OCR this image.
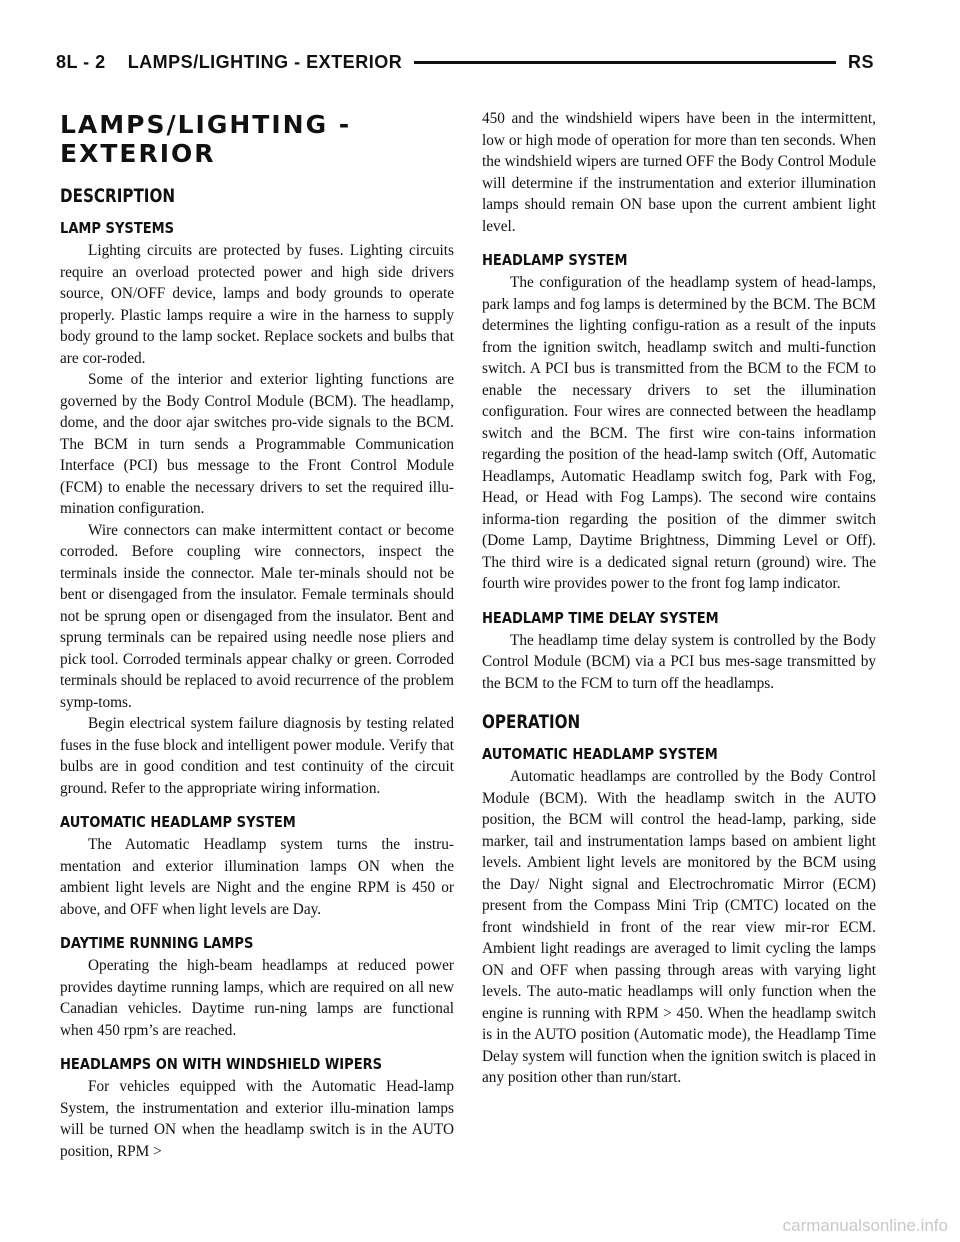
8L - 2 LAMPS/LIGHTING - EXTERIOR	RS
LAMPS/LIGHTING - EXTERIOR
DESCRIPTION
LAMP SYSTEMS

Lighting circuits are protected by fuses. Lighting circuits require an overload protected power and high side drivers source, ON/OFF device, lamps and body grounds to operate properly. Plastic lamps require a wire in the harness to supply body ground to the lamp socket. Replace sockets and bulbs that are cor-roded.

Some of the interior and exterior lighting functions are governed by the Body Control Module (BCM). The headlamp, dome, and the door ajar switches pro-vide signals to the BCM. The BCM in turn sends a Programmable Communication Interface (PCI) bus message to the Front Control Module (FCM) to enable the necessary drivers to set the required illu-mination configuration.

Wire connectors can make intermittent contact or become corroded. Before coupling wire connectors, inspect the terminals inside the connector. Male ter-minals should not be bent or disengaged from the insulator. Female terminals should not be sprung open or disengaged from the insulator. Bent and sprung terminals can be repaired using needle nose pliers and pick tool. Corroded terminals appear chalky or green. Corroded terminals should be replaced to avoid recurrence of the problem symp-toms.

Begin electrical system failure diagnosis by testing related fuses in the fuse block and intelligent power module. Verify that bulbs are in good condition and test continuity of the circuit ground. Refer to the appropriate wiring information.

AUTOMATIC HEADLAMP SYSTEM

The Automatic Headlamp system turns the instru-mentation and exterior illumination lamps ON when the ambient light levels are Night and the engine RPM is 450 or above, and OFF when light levels are Day.

DAYTIME RUNNING LAMPS

Operating the high-beam headlamps at reduced power provides daytime running lamps, which are required on all new Canadian vehicles. Daytime run-ning lamps are functional when 450 rpm’s are reached.

HEADLAMPS ON WITH WINDSHIELD WIPERS

For vehicles equipped with the Automatic Head-lamp System, the instrumentation and exterior illu-mination lamps will be turned ON when the headlamp switch is in the AUTO position, RPM >

450 and the windshield wipers have been in the intermittent, low or high mode of operation for more than ten seconds. When the windshield wipers are turned OFF the Body Control Module will determine if the instrumentation and exterior illumination lamps should remain ON base upon the current ambient light level.

HEADLAMP SYSTEM

The configuration of the headlamp system of head-lamps, park lamps and fog lamps is determined by the BCM. The BCM determines the lighting configu-ration as a result of the inputs from the ignition switch, headlamp switch and multi-function switch. A PCI bus is transmitted from the BCM to the FCM to enable the necessary drivers to set the illumination configuration. Four wires are connected between the headlamp switch and the BCM. The first wire con-tains information regarding the position of the head-lamp switch (Off, Automatic Headlamps, Automatic Headlamp switch fog, Park with Fog, Head, or Head with Fog Lamps). The second wire contains informa-tion regarding the position of the dimmer switch (Dome Lamp, Daytime Brightness, Dimming Level or Off). The third wire is a dedicated signal return (ground) wire. The fourth wire provides power to the front fog lamp indicator.

HEADLAMP TIME DELAY SYSTEM

The headlamp time delay system is controlled by the Body Control Module (BCM) via a PCI bus mes-sage transmitted by the BCM to the FCM to turn off the headlamps.

OPERATION
AUTOMATIC HEADLAMP SYSTEM

Automatic headlamps are controlled by the Body Control Module (BCM). With the headlamp switch in the AUTO position, the BCM will control the head-lamp, parking, side marker, tail and instrumentation lamps based on ambient light levels. Ambient light levels are monitored by the BCM using the Day/ Night signal and Electrochromatic Mirror (ECM) present from the Compass Mini Trip (CMTC) located on the front windshield in front of the rear view mir-ror ECM. Ambient light readings are averaged to limit cycling the lamps ON and OFF when passing through areas with varying light levels. The auto-matic headlamps will only function when the engine is running with RPM > 450. When the headlamp switch is in the AUTO position (Automatic mode), the Headlamp Time Delay system will function when the ignition switch is placed in any position other than run/start.

carmanualsonline.info
